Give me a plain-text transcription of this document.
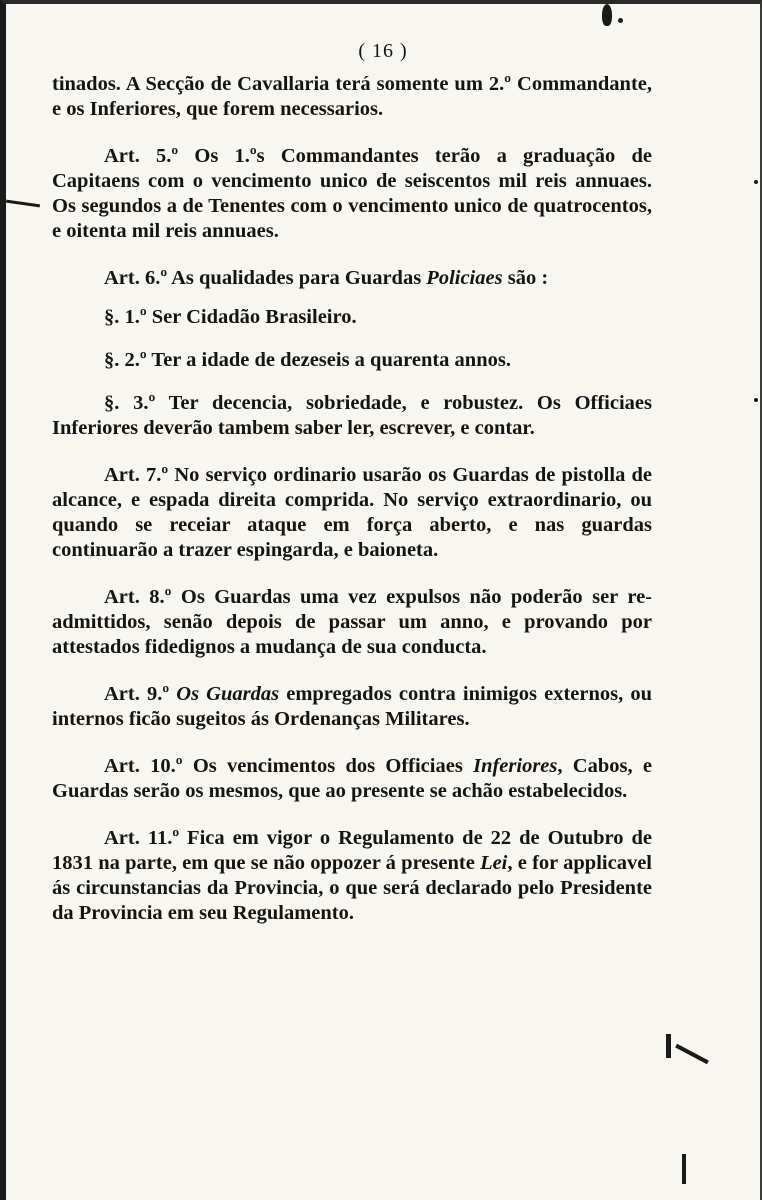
( 16 )

tinados. A Secção de Cavallaria terá somente um 2.º Commandante, e os Inferiores, que forem necessarios.

Art. 5.º Os 1.ºs Commandantes terão a graduação de Capitaens com o vencimento unico de seiscentos mil reis annuaes. Os segundos a de Tenentes com o vencimento unico de quatrocentos, e oitenta mil reis annuaes.

Art. 6.º As qualidades para Guardas Policiaes são :

§. 1.º Ser Cidadão Brasileiro.

§. 2.º Ter a idade de dezeseis a quarenta annos.

§. 3.º Ter decencia, sobriedade, e robustez. Os Officiaes Inferiores deverão tambem saber ler, escrever, e contar.

Art. 7.º No serviço ordinario usarão os Guardas de pistolla de alcance, e espada direita comprida. No serviço extraordinario, ou quando se receiar ataque em força aberto, e nas guardas continuarão a trazer espingarda, e baioneta.

Art. 8.º Os Guardas uma vez expulsos não poderão ser re-admittidos, senão depois de passar um anno, e provando por attestados fidedignos a mudança de sua conducta.

Art. 9.º Os Guardas empregados contra inimigos externos, ou internos ficão sugeitos ás Ordenanças Militares.

Art. 10.º Os vencimentos dos Officiaes Inferiores, Cabos, e Guardas serão os mesmos, que ao presente se achão estabelecidos.

Art. 11.º Fica em vigor o Regulamento de 22 de Outubro de 1831 na parte, em que se não oppozer á presente Lei, e for applicavel ás circunstancias da Provincia, o que será declarado pelo Presidente da Provincia em seu Regulamento.
